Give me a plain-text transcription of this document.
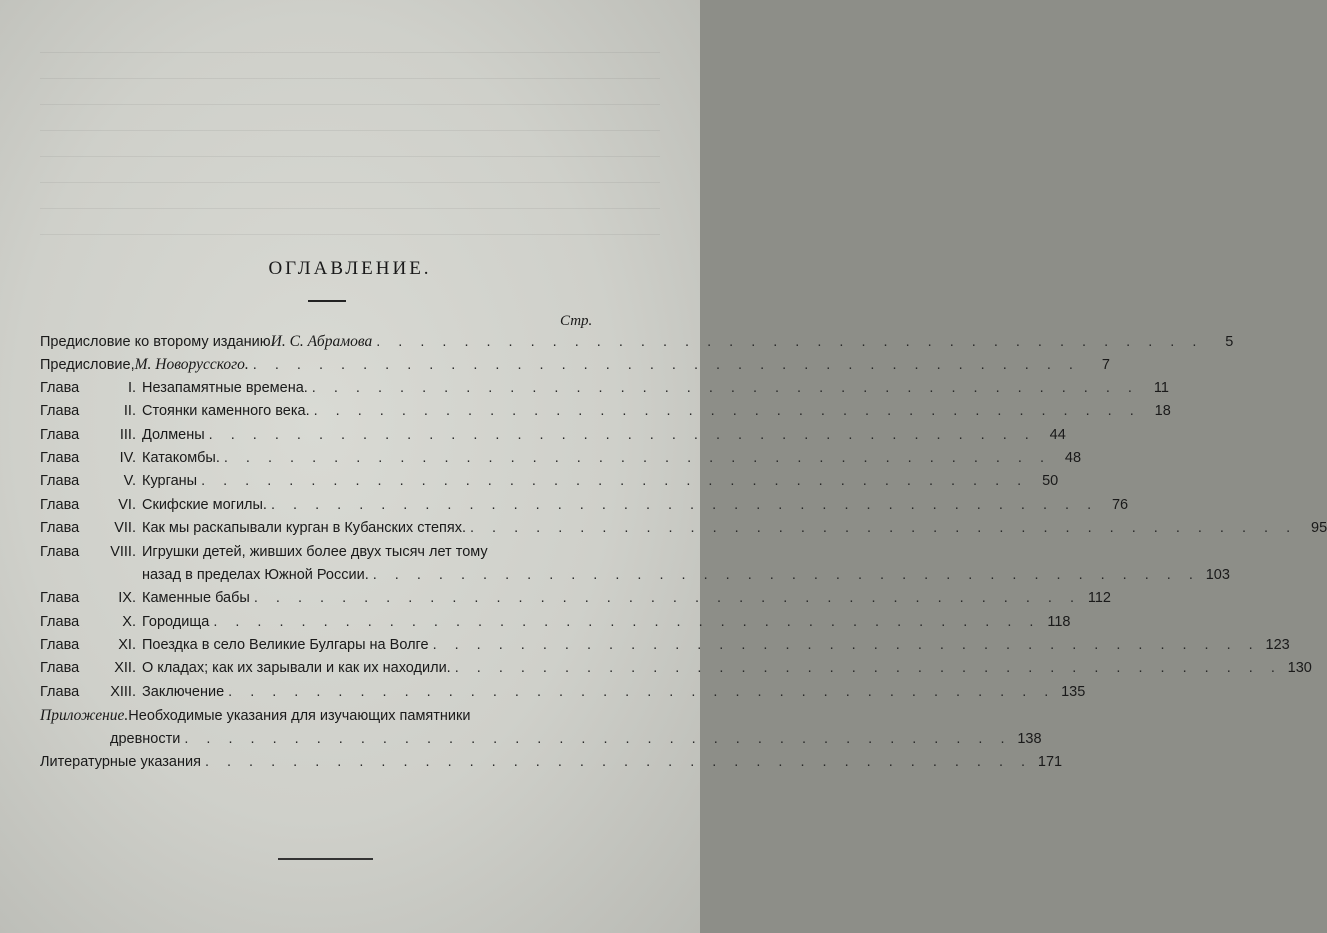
ОГЛАВЛЕНИЕ.
Стр.
Предисловие ко второму изданию И. С. Абрамова . . . . . . . . . . . . . . . . . . . . . . . . . . . . . . . . . . . . . .	5
Предисловие, М. Новорусского. . . . . . . . . . . . . . . . . . . . . . . . . . . . . . . . . . . . . . .	7
Глава	I. Незапамятные времена. . . . . . . . . . . . . . . . . . . . . . . . . . . . . . . . . . . . . . .	11
Глава	II. Стоянки каменного века. . . . . . . . . . . . . . . . . . . . . . . . . . . . . . . . . . . . . . . 18
Глава	III. Долмены . . . . . . . . . . . . . . . . . . . . . . . . . . . . . . . . . . . . . . 44
Глава	IV. Катакомбы. . . . . . . . . . . . . . . . . . . . . . . . . . . . . . . . . . . . . . . 48
Глава	V. Курганы . . . . . . . . . . . . . . . . . . . . . . . . . . . . . . . . . . . . . . 50
Глава	VI. Скифские могилы. . . . . . . . . . . . . . . . . . . . . . . . . . . . . . . . . . . . . . . 76
Глава	VII. Как мы раскапывали курган в Кубанских степях. . . . . . . . . . . . . . . . . . . . . . . . . . . . . . . . . . . . . . . 95
Глава	VIII. Игрушки детей, живших более двух тысяч лет тому
назад в пределах Южной России. . . . . . . . . . . . . . . . . . . . . . . . . . . . . . . . . . . . . . . 103
Глава	IX. Каменные бабы . . . . . . . . . . . . . . . . . . . . . . . . . . . . . . . . . . . . . . 112
Глава	X. Городища . . . . . . . . . . . . . . . . . . . . . . . . . . . . . . . . . . . . . . 118
Глава	XI. Поездка в село Великие Булгары на Волге . . . . . . . . . . . . . . . . . . . . . . . . . . . . . . . . . . . . . . 123
Глава	XII. О кладах; как их зарывали и как их находили. . . . . . . . . . . . . . . . . . . . . . . . . . . . . . . . . . . . . . . 130
Глава	XIII. Заключение . . . . . . . . . . . . . . . . . . . . . . . . . . . . . . . . . . . . . . 135
Приложение. Необходимые указания для изучающих памятники
древности . . . . . . . . . . . . . . . . . . . . . . . . . . . . . . . . . . . . . . 138
Литературные указания . . . . . . . . . . . . . . . . . . . . . . . . . . . . . . . . . . . . . . 171
